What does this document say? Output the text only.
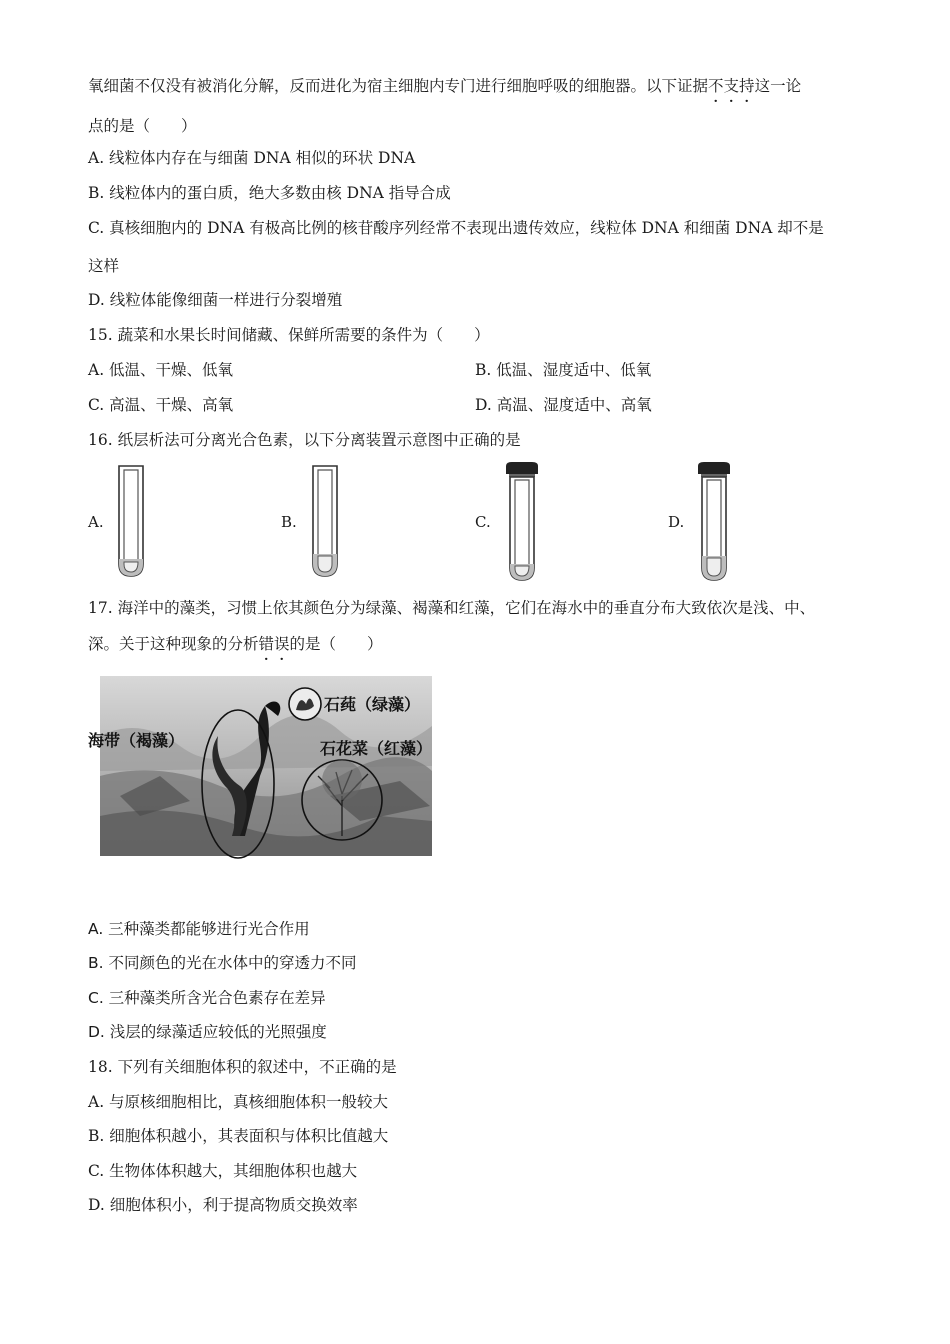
氧细菌不仅没有被消化分解，反而进化为宿主细胞内专门进行细胞呼吸的细胞器。以下证据不支持这一论
点的是（　　）
A. 线粒体内存在与细菌 DNA 相似的环状 DNA
B. 线粒体内的蛋白质，绝大多数由核 DNA 指导合成
C. 真核细胞内的 DNA 有极高比例的核苷酸序列经常不表现出遗传效应，线粒体 DNA 和细菌 DNA 却不是
这样
D. 线粒体能像细菌一样进行分裂增殖
15. 蔬菜和水果长时间储藏、保鲜所需要的条件为（　　）
A. 低温、干燥、低氧	B. 低温、湿度适中、低氧
C. 高温、干燥、高氧	D. 高温、湿度适中、高氧
16. 纸层析法可分离光合色素，以下分离装置示意图中正确的是
A.	B.	C.	D.
17. 海洋中的藻类，习惯上依其颜色分为绿藻、褐藻和红藻，它们在海水中的垂直分布大致依次是浅、中、
深。关于这种现象的分析错误的是（　　）
石莼（绿藻）
海带（褐藻）	石花菜（红藻）
A. 三种藻类都能够进行光合作用
B. 不同颜色的光在水体中的穿透力不同
C. 三种藻类所含光合色素存在差异
D. 浅层的绿藻适应较低的光照强度
18. 下列有关细胞体积的叙述中，不正确的是
A. 与原核细胞相比，真核细胞体积一般较大
B. 细胞体积越小，其表面积与体积比值越大
C. 生物体体积越大，其细胞体积也越大
D. 细胞体积小，利于提高物质交换效率
